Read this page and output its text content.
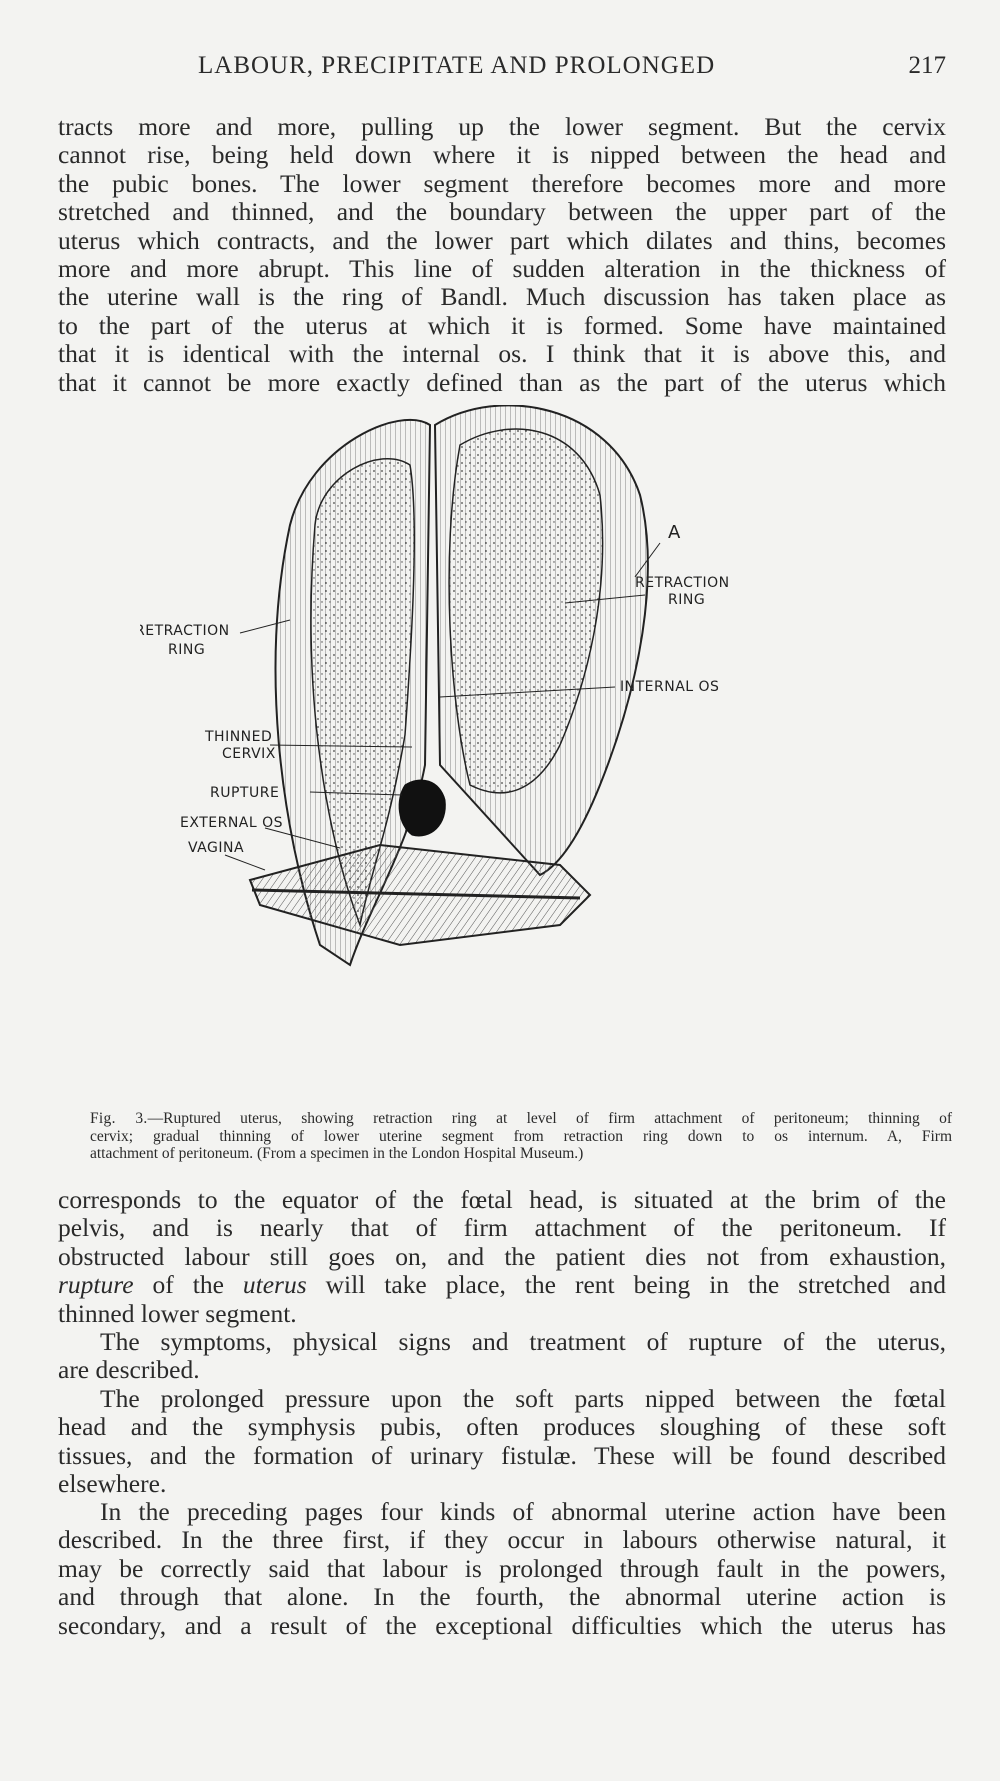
LABOUR, PRECIPITATE AND PROLONGED	217
tracts more and more, pulling up the lower segment. But the cervix
cannot rise, being held down where it is nipped between the head and
the pubic bones. The lower segment therefore becomes more and more
stretched and thinned, and the boundary between the upper part of the
uterus which contracts, and the lower part which dilates and thins, becomes
more and more abrupt. This line of sudden alteration in the thickness of
the uterine wall is the ring of Bandl. Much discussion has taken place as
to the part of the uterus at which it is formed. Some have maintained
that it is identical with the internal os. I think that it is above this, and
that it cannot be more exactly defined than as the part of the uterus which
A
RETRACTION
RING
RETRACTION
RING
INTERNAL OS
THINNED
CERVIX
RUPTURE
EXTERNAL OS
VAGINA
Fig. 3.—Ruptured uterus, showing retraction ring at level of firm attachment of peritoneum; thinning of
cervix; gradual thinning of lower uterine segment from retraction ring down to os internum. A, Firm
attachment of peritoneum. (From a specimen in the London Hospital Museum.)
corresponds to the equator of the fœtal head, is situated at the brim of the
pelvis, and is nearly that of firm attachment of the peritoneum. If
obstructed labour still goes on, and the patient dies not from exhaustion,
rupture of the uterus will take place, the rent being in the stretched and
thinned lower segment.
The symptoms, physical signs and treatment of rupture of the uterus,
are described.
The prolonged pressure upon the soft parts nipped between the fœtal
head and the symphysis pubis, often produces sloughing of these soft
tissues, and the formation of urinary fistulæ. These will be found described
elsewhere.
In the preceding pages four kinds of abnormal uterine action have been
described. In the three first, if they occur in labours otherwise natural, it
may be correctly said that labour is prolonged through fault in the powers,
and through that alone. In the fourth, the abnormal uterine action is
secondary, and a result of the exceptional difficulties which the uterus has
